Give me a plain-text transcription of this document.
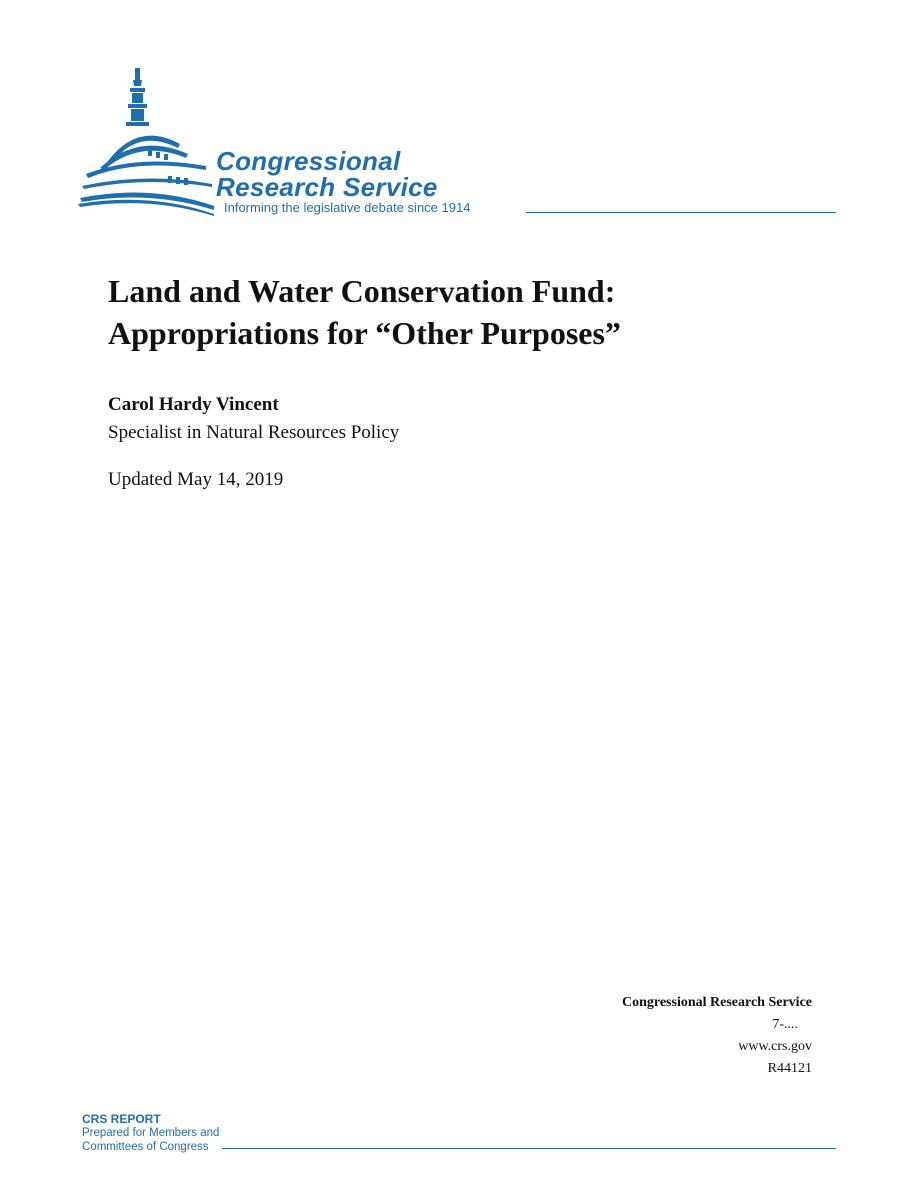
Congressional
Research Service
Informing the legislative debate since 1914
Land and Water Conservation Fund:
Appropriations for “Other Purposes”
Carol Hardy Vincent
Specialist in Natural Resources Policy
Updated May 14, 2019
Congressional Research Service
7-....
www.crs.gov
R44121
CRS REPORT
Prepared for Members and
Committees of Congress
